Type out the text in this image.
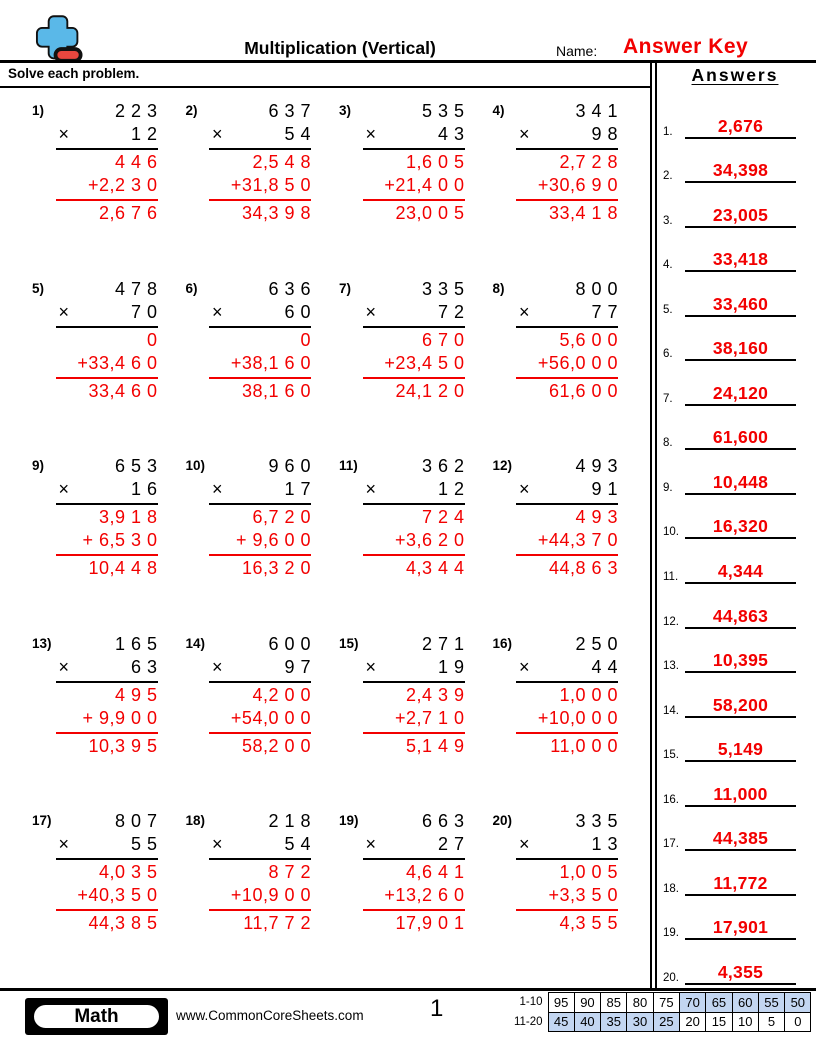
Multiplication (Vertical)	Name: Answer Key
Solve each problem.
1)	2 2 3
×	1 2
4 4 6
+2,2 3 0
2,6 7 6
2)	6 3 7
×	5 4
2,5 4 8
+31,8 5 0
34,3 9 8
3)	5 3 5
×	4 3
1,6 0 5
+21,4 0 0
23,0 0 5
4)	3 4 1
×	9 8
2,7 2 8
+30,6 9 0
33,4 1 8
5)	4 7 8
×	7 0
0
+33,4 6 0
33,4 6 0
6)	6 3 6
×	6 0
0
+38,1 6 0
38,1 6 0
7)	3 3 5
×	7 2
6 7 0
+23,4 5 0
24,1 2 0
8)	8 0 0
×	7 7
5,6 0 0
+56,0 0 0
61,6 0 0
9)	6 5 3
×	1 6
3,9 1 8
+ 6,5 3 0
10,4 4 8
10)	9 6 0
×	1 7
6,7 2 0
+ 9,6 0 0
16,3 2 0
11)	3 6 2
×	1 2
7 2 4
+3,6 2 0
4,3 4 4
12)	4 9 3
×	9 1
4 9 3
+44,3 7 0
44,8 6 3
13)	1 6 5
×	6 3
4 9 5
+ 9,9 0 0
10,3 9 5
14)	6 0 0
×	9 7
4,2 0 0
+54,0 0 0
58,2 0 0
15)	2 7 1
×	1 9
2,4 3 9
+2,7 1 0
5,1 4 9
16)	2 5 0
×	4 4
1,0 0 0
+10,0 0 0
11,0 0 0
17)	8 0 7
×	5 5
4,0 3 5
+40,3 5 0
44,3 8 5
18)	2 1 8
×	5 4
8 7 2
+10,9 0 0
11,7 7 2
19)	6 6 3
×	2 7
4,6 4 1
+13,2 6 0
17,9 0 1
20)	3 3 5
×	1 3
1,0 0 5
+3,3 5 0
4,3 5 5
Answers
1.	2,676
2.	34,398
3.	23,005
4.	33,418
5.	33,460
6.	38,160
7.	24,120
8.	61,600
9.	10,448
10.	16,320
11.	4,344
12.	44,863
13.	10,395
14.	58,200
15.	5,149
16.	11,000
17.	44,385
18.	11,772
19.	17,901
20.	4,355
Math	www.CommonCoreSheets.com	1	1-10	95	90	85	80	75	70	65	60	55	50
11-20	45	40	35	30	25	20	15	10	5	0
